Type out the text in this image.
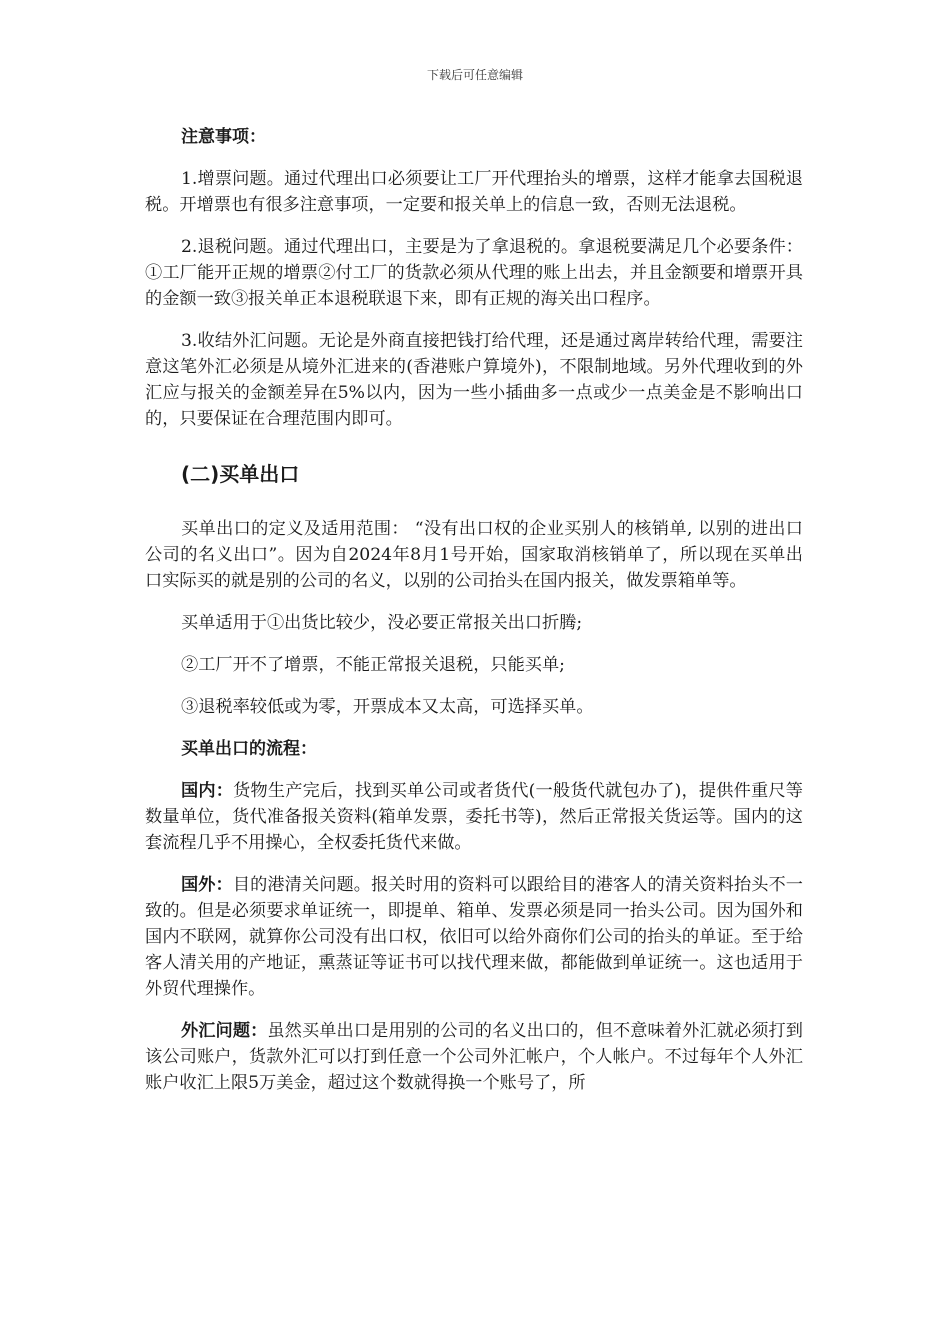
下载后可任意编辑

注意事项：

1.增票问题。通过代理出口必须要让工厂开代理抬头的增票，这样才能拿去国税退税。开增票也有很多注意事项，一定要和报关单上的信息一致，否则无法退税。

2.退税问题。通过代理出口，主要是为了拿退税的。拿退税要满足几个必要条件：①工厂能开正规的增票②付工厂的货款必须从代理的账上出去，并且金额要和增票开具的金额一致③报关单正本退税联退下来，即有正规的海关出口程序。

3.收结外汇问题。无论是外商直接把钱打给代理，还是通过离岸转给代理，需要注意这笔外汇必须是从境外汇进来的(香港账户算境外)，不限制地域。另外代理收到的外汇应与报关的金额差异在5%以内，因为一些小插曲多一点或少一点美金是不影响出口的，只要保证在合理范围内即可。

(二)买单出口

买单出口的定义及适用范围： “没有出口权的企业买别人的核销单, 以别的进出口公司的名义出口”。因为自2024年8月1号开始，国家取消核销单了，所以现在买单出口实际买的就是别的公司的名义，以别的公司抬头在国内报关，做发票箱单等。

买单适用于①出货比较少，没必要正常报关出口折腾;

②工厂开不了增票，不能正常报关退税，只能买单;

③退税率较低或为零，开票成本又太高，可选择买单。

买单出口的流程：

国内：货物生产完后，找到买单公司或者货代(一般货代就包办了)，提供件重尺等数量单位，货代准备报关资料(箱单发票，委托书等)，然后正常报关货运等。国内的这套流程几乎不用操心，全权委托货代来做。

国外：目的港清关问题。报关时用的资料可以跟给目的港客人的清关资料抬头不一致的。但是必须要求单证统一，即提单、箱单、发票必须是同一抬头公司。因为国外和国内不联网，就算你公司没有出口权，依旧可以给外商你们公司的抬头的单证。至于给客人清关用的产地证，熏蒸证等证书可以找代理来做，都能做到单证统一。这也适用于外贸代理操作。

外汇问题：虽然买单出口是用别的公司的名义出口的，但不意味着外汇就必须打到该公司账户，货款外汇可以打到任意一个公司外汇帐户，个人帐户。不过每年个人外汇账户收汇上限5万美金，超过这个数就得换一个账号了，所
